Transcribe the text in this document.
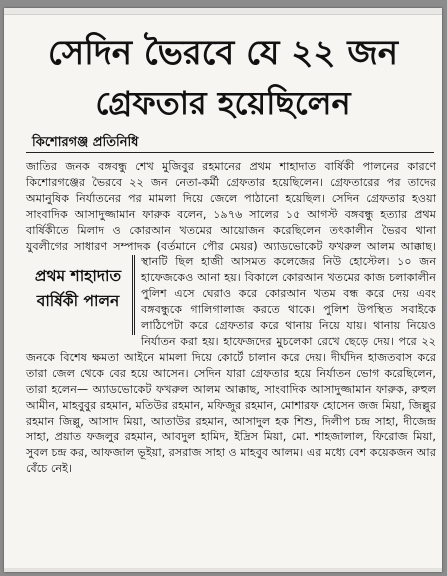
সেদিন ভৈরবে যে ২২ জন
গ্রেফতার হয়েছিলেন
কিশোরগঞ্জ প্রতিনিধি

জাতির জনক বঙ্গবন্ধু শেখ মুজিবুর রহমানের প্রথম শাহাদাত বার্ষিকী পালনের কারণে কিশোরগঞ্জের ভৈরবে ২২ জন নেতা-কর্মী গ্রেফতার হয়েছিলেন। গ্রেফতারের পর তাদের অমানুষিক নির্যাতনের পর মামলা দিয়ে জেলে পাঠানো হয়েছিল। সেদিন গ্রেফতার হওয়া সাংবাদিক আসাদুজ্জামান ফারুক বলেন, ১৯৭৬ সালের ১৫ আগস্ট বঙ্গবন্ধু হত্যার প্রথম বার্ষিকীতে মিলাদ ও কোরআন খতমের আয়োজন করেছিলেন তৎকালীন ভৈরব থানা যুবলীগের সাধারণ সম্পাদক (বর্তমানে পৌর মেয়র) অ্যাডভোকেট ফখরুল আলম
প্রথম শাহাদাত
বার্ষিকী পালন
আক্কাছ। স্থানটি ছিল হাজী আসমত কলেজের নিউ হোস্টেল। ১০ জন হাফেজকেও আনা হয়। বিকালে কোরআন খতমের কাজ চলাকালীন পুলিশ এসে ঘেরাও করে কোরআন খতম বন্ধ করে দেয় এবং বঙ্গবন্ধুকে গালিগালাজ করতে থাকে। পুলিশ উপস্থিত সবাইকে লাঠিপেটা করে গ্রেফতার করে থানায় নিয়ে যায়। থানায় নিয়েও নির্যাতন করা হয়। হাফেজদের মুচলেকা রেখে ছেড়ে দেয়। পরে ২২ জনকে বিশেষ ক্ষমতা আইনে মামলা দিয়ে কোর্টে চালান করে দেয়। দীর্ঘদিন হাজতবাস করে তারা জেল থেকে বের হয়ে আসেন। সেদিন যারা গ্রেফতার হয়ে নির্যাতন ভোগ করেছিলেন, তারা হলেন— অ্যাডভোকেট ফখরুল আলম আক্কাছ, সাংবাদিক আসাদুজ্জামান ফারুক, রুহুল আমীন, মাহবুবুর রহমান, মতিউর রহমান, মফিজুর রহমান, মোশারফ হোসেন জজ মিয়া, জিল্লুর রহমান জিল্লু, আসাদ মিয়া, আতাউর রহমান, আসাদুল হক শিশু, দিলীপ চন্দ্র সাহা, দীজেন্দ্র সাহা, প্রয়াত ফজলুর রহমান, আবদুল হামিদ, ইদ্রিস মিয়া, মো. শাহজালাল, ফিরোজ মিয়া, সুবল চন্দ্র কর, আফজাল ভূইয়া, রসরাজ সাহা ও মাহবুব আলম। এর মধ্যে বেশ কয়েকজন আর বেঁচে নেই।
